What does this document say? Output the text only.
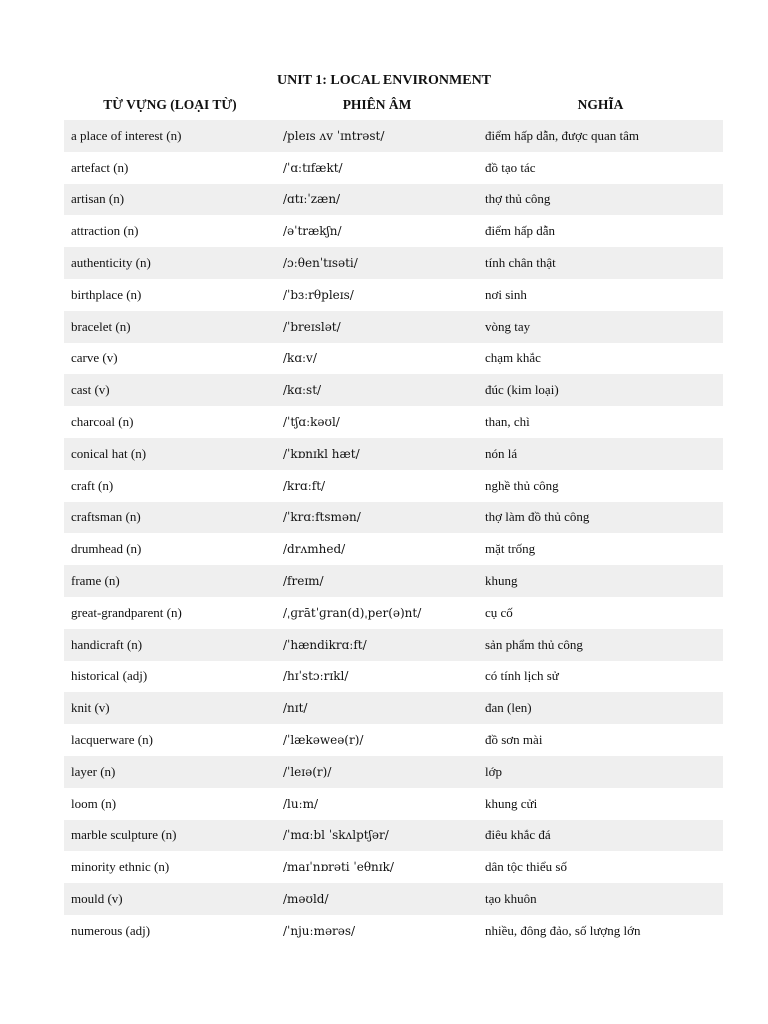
UNIT 1: LOCAL ENVIRONMENT
TỪ VỰNG (LOẠI TỪ)	PHIÊN ÂM	NGHĨA
a place of interest (n)	/pleɪs ʌv ˈɪntrəst/	điểm hấp dẫn, được quan tâm
artefact (n)	/ˈɑːtɪfækt/	đồ tạo tác
artisan (n)	/ɑtɪːˈzæn/	thợ thủ công
attraction (n)	/əˈtrækʃn/	điểm hấp dẫn
authenticity (n)	/ɔːθenˈtɪsəti/	tính chân thật
birthplace (n)	/ˈbɜːrθpleɪs/	nơi sinh
bracelet (n)	/ˈbreɪslət/	vòng tay
carve (v)	/kɑːv/	chạm khắc
cast (v)	/kɑːst/	đúc (kim loại)
charcoal (n)	/ˈtʃɑːkəʊl/	than, chì
conical hat (n)	/ˈkɒnɪkl hæt/	nón lá
craft (n)	/krɑːft/	nghề thủ công
craftsman (n)	/ˈkrɑːftsmən/	thợ làm đồ thủ công
drumhead (n)	/drʌmhed/	mặt trống
frame (n)	/freɪm/	khung
great-grandparent (n)	/ˌɡrātˈɡran(d)ˌper(ə)nt/	cụ cố
handicraft (n)	/ˈhændikrɑːft/	sản phẩm thủ công
historical (adj)	/hɪˈstɔːrɪkl/	có tính lịch sử
knit (v)	/nɪt/	đan (len)
lacquerware (n)	/ˈlækəweə(r)/	đồ sơn mài
layer (n)	/ˈleɪə(r)/	lớp
loom (n)	/luːm/	khung cửi
marble sculpture (n)	/ˈmɑːbl ˈskʌlptʃər/	điêu khắc đá
minority ethnic (n)	/maɪˈnɒrəti ˈeθnɪk/	dân tộc thiểu số
mould (v)	/məʊld/	tạo khuôn
numerous (adj)	/ˈnjuːmərəs/	nhiều, đông đảo, số lượng lớn
